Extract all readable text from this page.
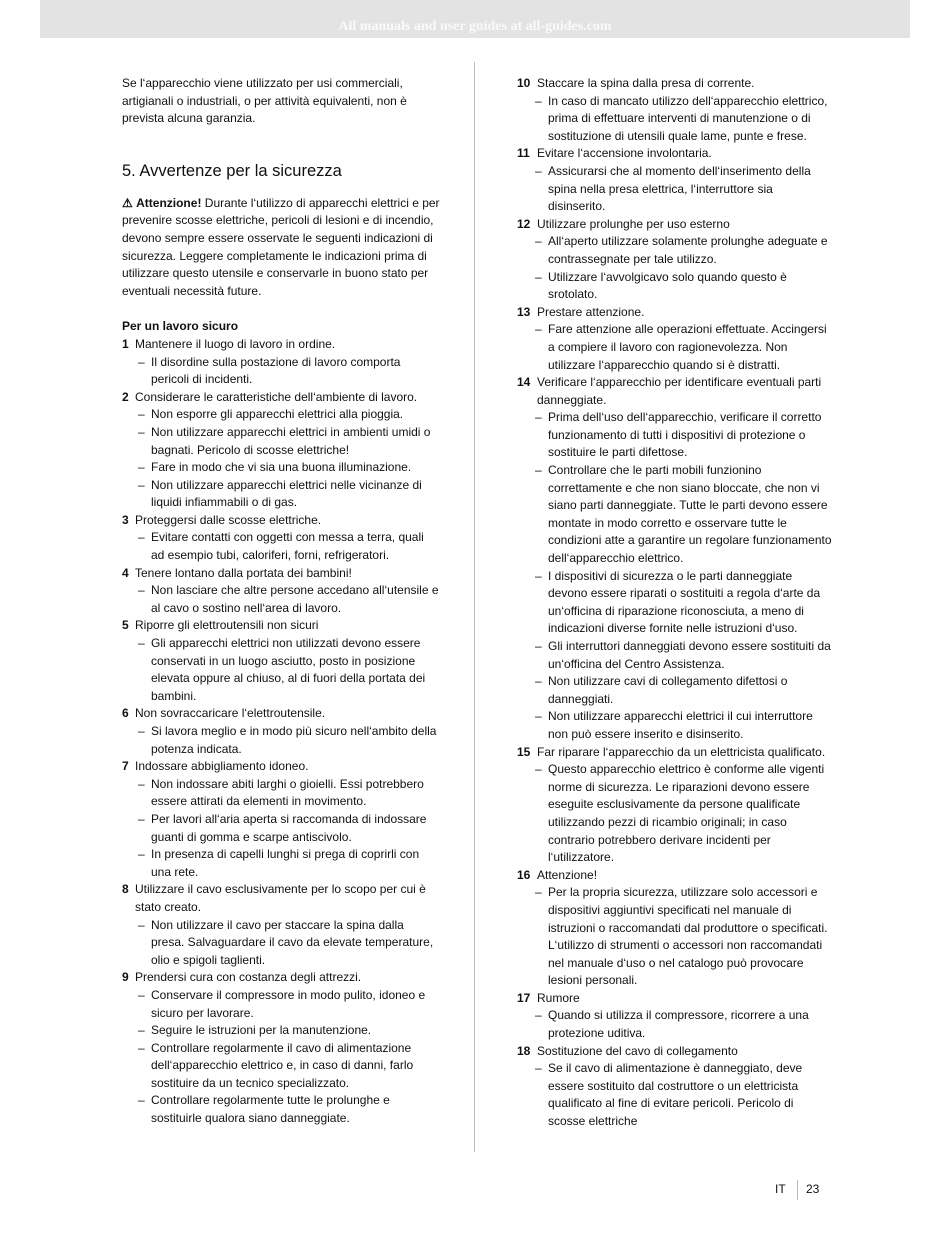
All manuals and user guides at all-guides.com

Se l‘apparecchio viene utilizzato per usi commerciali, artigianali o industriali, o per attività equivalenti, non è prevista alcuna garanzia.

5. Avvertenze per la sicurezza

⚠ Attenzione! Durante l‘utilizzo di apparecchi elettrici e per prevenire scosse elettriche, pericoli di lesioni e di incendio, devono sempre essere osservate le seguenti indicazioni di sicurezza. Leggere completamente le indicazioni prima di utilizzare questo utensile e conservarle in buono stato per eventuali necessità future.

Per un lavoro sicuro

1 Mantenere il luogo di lavoro in ordine.
– Il disordine sulla postazione di lavoro comporta pericoli di incidenti.
2 Considerare le caratteristiche dell‘ambiente di lavoro.
– Non esporre gli apparecchi elettrici alla pioggia.
– Non utilizzare apparecchi elettrici in ambienti umidi o bagnati. Pericolo di scosse elettriche!
– Fare in modo che vi sia una buona illuminazione.
– Non utilizzare apparecchi elettrici nelle vicinanze di liquidi infiammabili o di gas.
3 Proteggersi dalle scosse elettriche.
– Evitare contatti con oggetti con messa a terra, quali ad esempio tubi, caloriferi, forni, refrigeratori.
4 Tenere lontano dalla portata dei bambini!
– Non lasciare che altre persone accedano all‘utensile e al cavo o sostino nell‘area di lavoro.
5 Riporre gli elettroutensili non sicuri
– Gli apparecchi elettrici non utilizzati devono essere conservati in un luogo asciutto, posto in posizione elevata oppure al chiuso, al di fuori della portata dei bambini.
6 Non sovraccaricare l‘elettroutensile.
– Si lavora meglio e in modo più sicuro nell‘ambito della potenza indicata.
7 Indossare abbigliamento idoneo.
– Non indossare abiti larghi o gioielli. Essi potrebbero essere attirati da elementi in movimento.
– Per lavori all‘aria aperta si raccomanda di indossare guanti di gomma e scarpe antiscivolo.
– In presenza di capelli lunghi si prega di coprirli con una rete.
8 Utilizzare il cavo esclusivamente per lo scopo per cui è stato creato.
– Non utilizzare il cavo per staccare la spina dalla presa. Salvaguardare il cavo da elevate temperature, olio e spigoli taglienti.
9 Prendersi cura con costanza degli attrezzi.
– Conservare il compressore in modo pulito, idoneo e sicuro per lavorare.
– Seguire le istruzioni per la manutenzione.
– Controllare regolarmente il cavo di alimentazione dell‘apparecchio elettrico e, in caso di danni, farlo sostituire da un tecnico specializzato.
– Controllare regolarmente tutte le prolunghe e sostituirle qualora siano danneggiate.
10 Staccare la spina dalla presa di corrente.
– In caso di mancato utilizzo dell‘apparecchio elettrico, prima di effettuare interventi di manutenzione o di sostituzione di utensili quale lame, punte e frese.
11 Evitare l‘accensione involontaria.
– Assicurarsi che al momento dell‘inserimento della spina nella presa elettrica, l‘interruttore sia disinserito.
12 Utilizzare prolunghe per uso esterno
– All‘aperto utilizzare solamente prolunghe adeguate e contrassegnate per tale utilizzo.
– Utilizzare l‘avvolgicavo solo quando questo è srotolato.
13 Prestare attenzione.
– Fare attenzione alle operazioni effettuate. Accingersi a compiere il lavoro con ragionevolezza. Non utilizzare l‘apparecchio quando si è distratti.
14 Verificare l‘apparecchio per identificare eventuali parti danneggiate.
– Prima dell‘uso dell‘apparecchio, verificare il corretto funzionamento di tutti i dispositivi di protezione o sostituire le parti difettose.
– Controllare che le parti mobili funzionino correttamente e che non siano bloccate, che non vi siano parti danneggiate. Tutte le parti devono essere montate in modo corretto e osservare tutte le condizioni atte a garantire un regolare funzionamento dell‘apparecchio elettrico.
– I dispositivi di sicurezza o le parti danneggiate devono essere riparati o sostituiti a regola d‘arte da un‘officina di riparazione riconosciuta, a meno di indicazioni diverse fornite nelle istruzioni d‘uso.
– Gli interruttori danneggiati devono essere sostituiti da un‘officina del Centro Assistenza.
– Non utilizzare cavi di collegamento difettosi o danneggiati.
– Non utilizzare apparecchi elettrici il cui interruttore non può essere inserito e disinserito.
15 Far riparare l‘apparecchio da un elettricista qualificato.
– Questo apparecchio elettrico è conforme alle vigenti norme di sicurezza. Le riparazioni devono essere eseguite esclusivamente da persone qualificate utilizzando pezzi di ricambio originali; in caso contrario potrebbero derivare incidenti per l‘utilizzatore.
16 Attenzione!
– Per la propria sicurezza, utilizzare solo accessori e dispositivi aggiuntivi specificati nel manuale di istruzioni o raccomandati dal produttore o specificati. L‘utilizzo di strumenti o accessori non raccomandati nel manuale d‘uso o nel catalogo può provocare lesioni personali.
17 Rumore
– Quando si utilizza il compressore, ricorrere a una protezione uditiva.
18 Sostituzione del cavo di collegamento
– Se il cavo di alimentazione è danneggiato, deve essere sostituito dal costruttore o un elettricista qualificato al fine di evitare pericoli. Pericolo di scosse elettriche
IT 23
